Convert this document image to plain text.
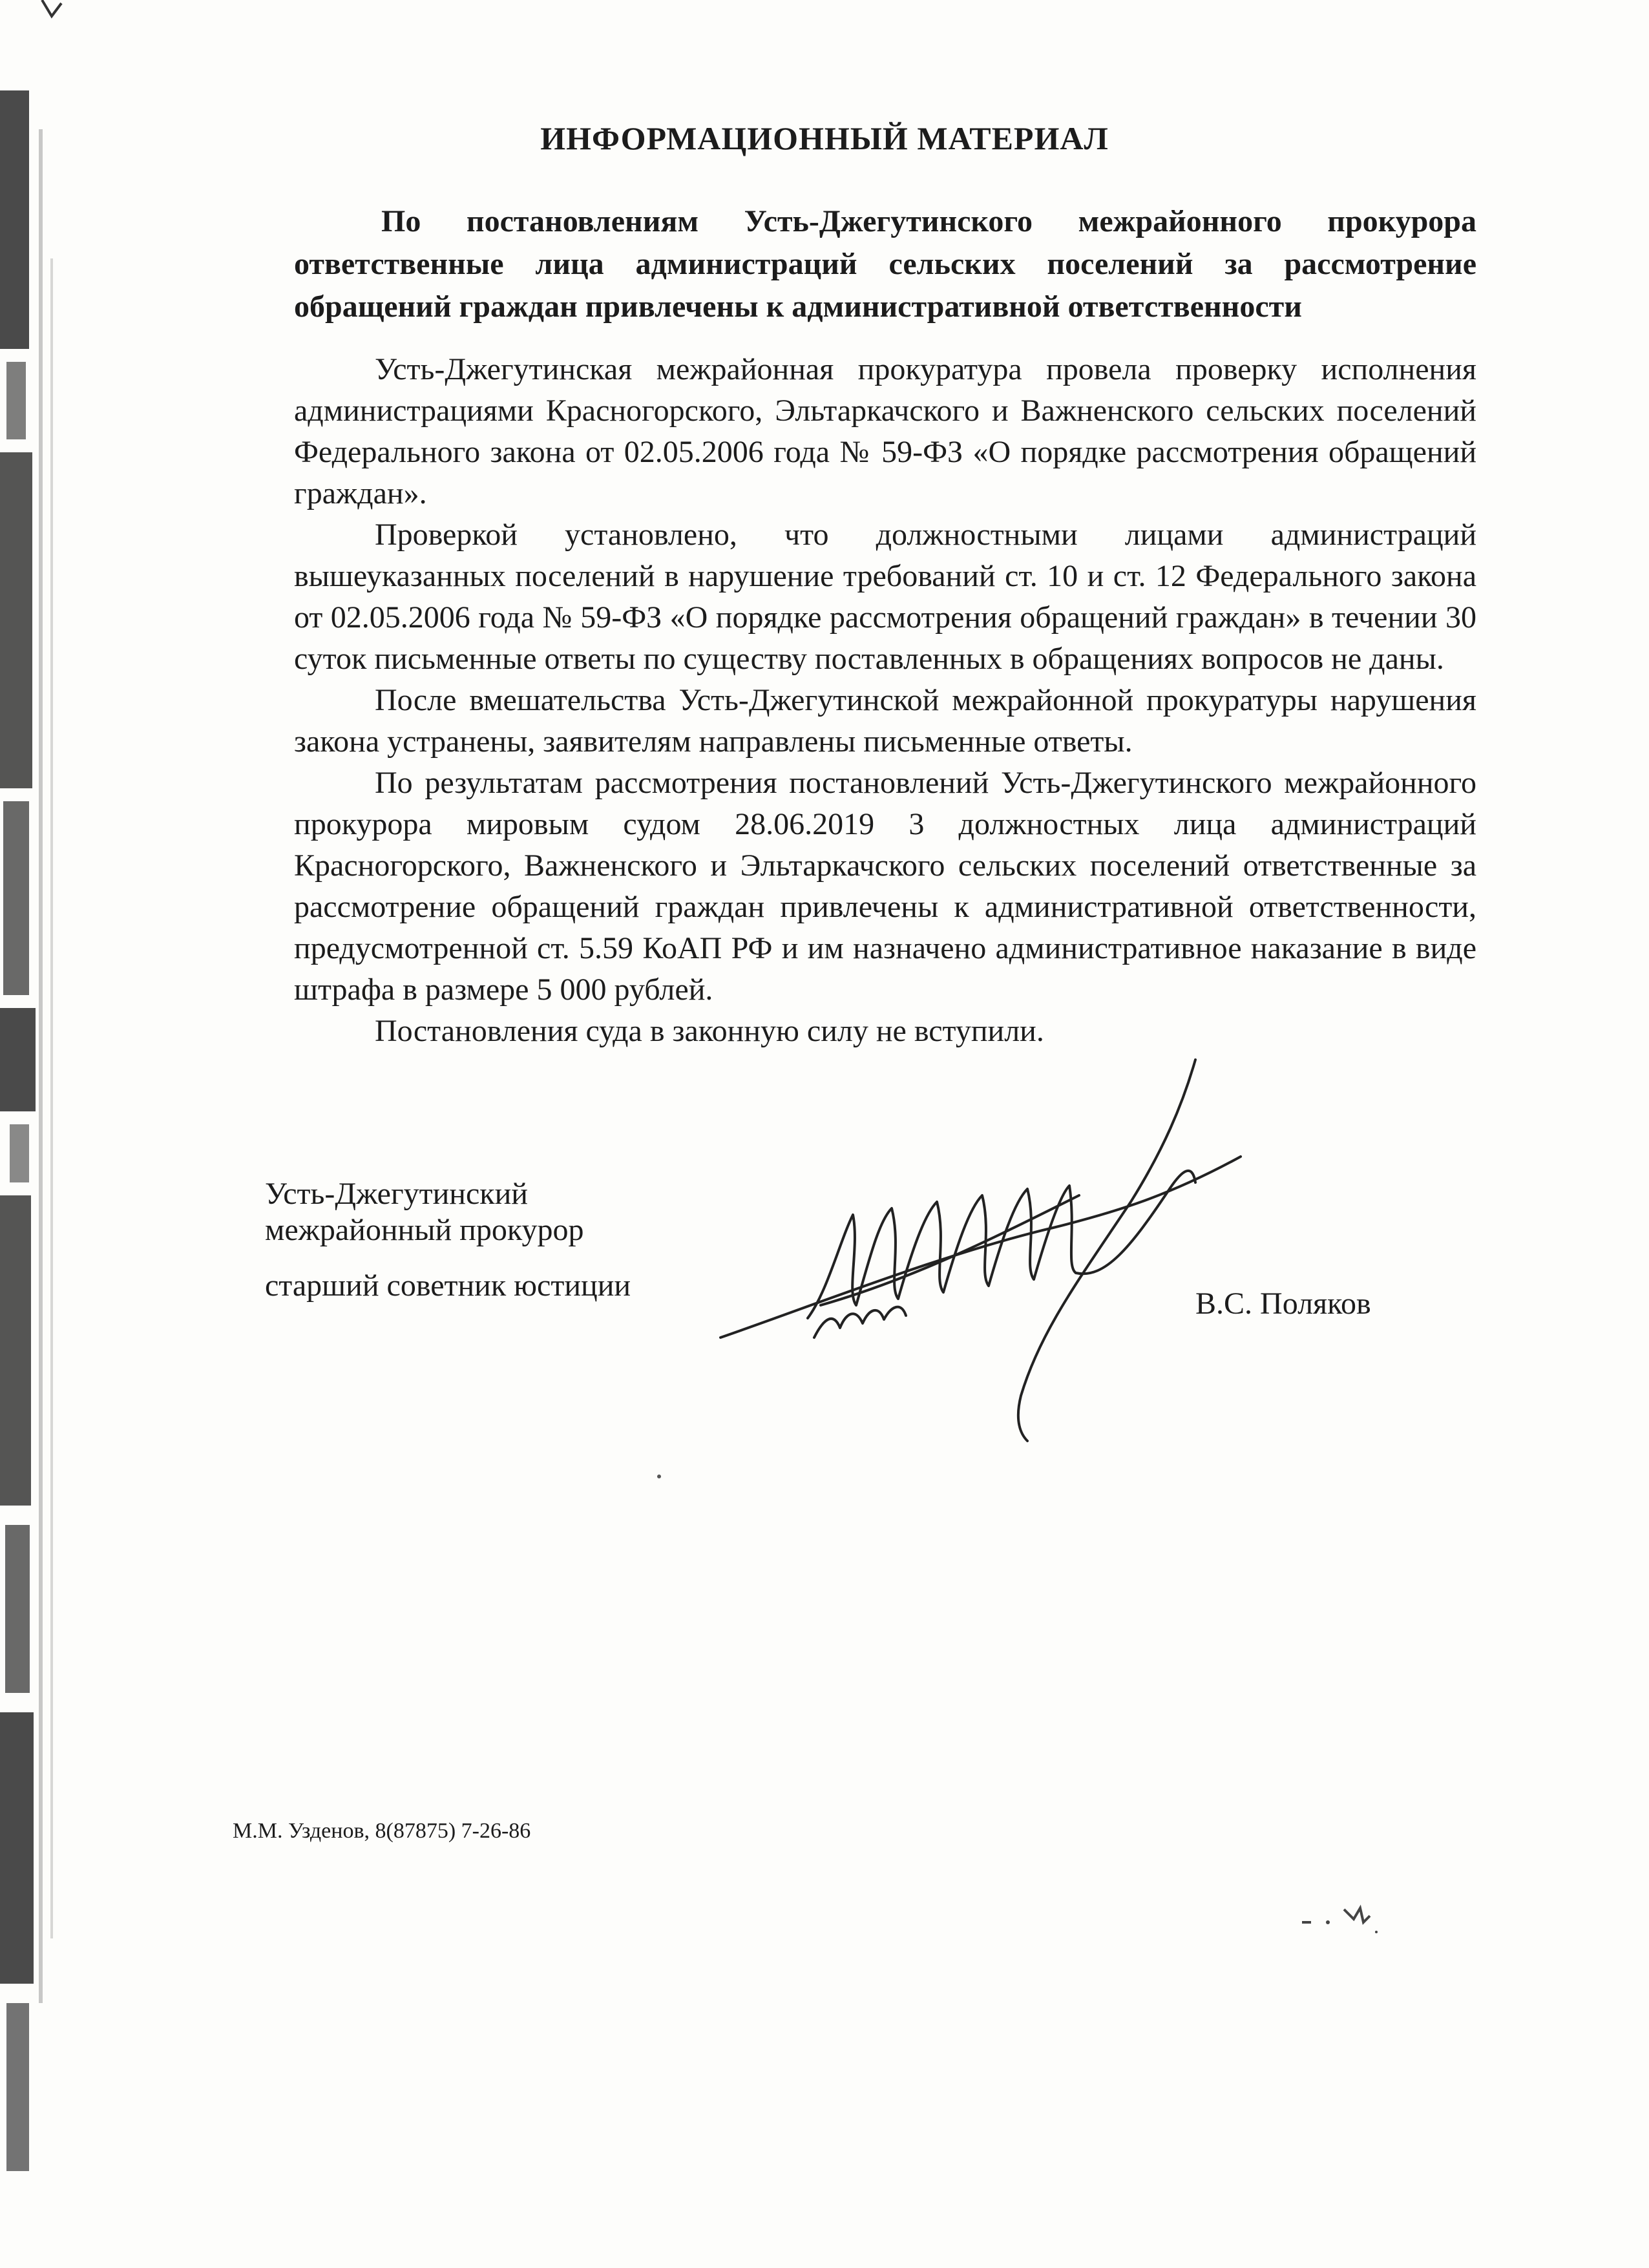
ИНФОРМАЦИОННЫЙ МАТЕРИАЛ

По постановлениям Усть-Джегутинского межрайонного прокурора ответственные лица администраций сельских поселений за рассмотрение обращений граждан привлечены к административной ответственности

Усть-Джегутинская межрайонная прокуратура провела проверку исполнения администрациями Красногорского, Эльтаркачского и Важненского сельских поселений Федерального закона от 02.05.2006 года № 59-ФЗ «О порядке рассмотрения обращений граждан».

Проверкой установлено, что должностными лицами администраций вышеуказанных поселений в нарушение требований ст. 10 и ст. 12 Федерального закона от 02.05.2006 года № 59-ФЗ «О порядке рассмотрения обращений граждан» в течении 30 суток письменные ответы по существу поставленных в обращениях вопросов не даны.

После вмешательства Усть-Джегутинской межрайонной прокуратуры нарушения закона устранены, заявителям направлены письменные ответы.

По результатам рассмотрения постановлений Усть-Джегутинского межрайонного прокурора мировым судом 28.06.2019 3 должностных лица администраций Красногорского, Важненского и Эльтаркачского сельских поселений ответственные за рассмотрение обращений граждан привлечены к административной ответственности, предусмотренной ст. 5.59 КоАП РФ и им назначено административное наказание в виде штрафа в размере 5 000 рублей.

Постановления суда в законную силу не вступили.

Усть-Джегутинский
межрайонный прокурор
старший советник юстиции
В.С. Поляков
М.М. Узденов, 8(87875) 7-26-86
